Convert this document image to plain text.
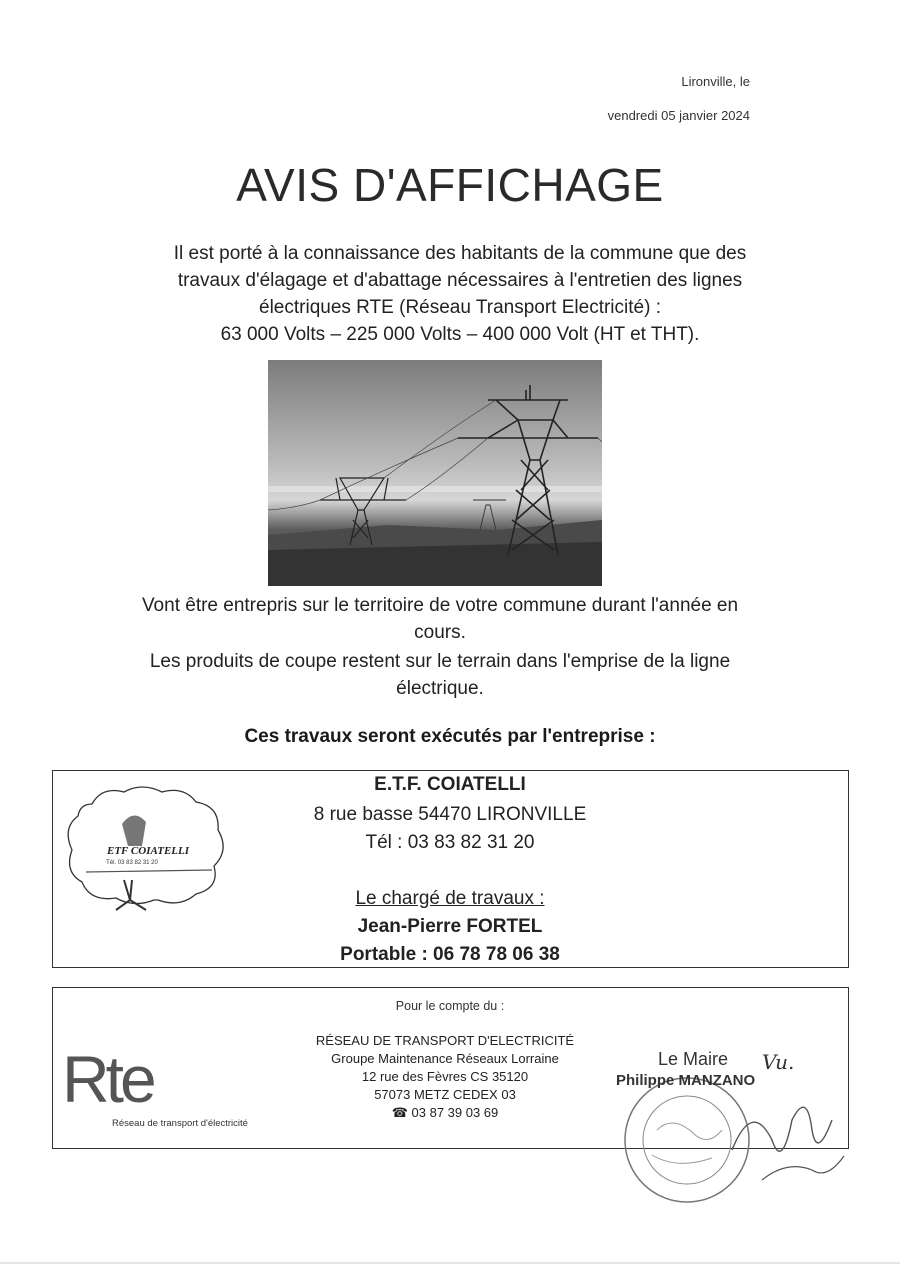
Lironville, le
vendredi 05 janvier 2024
AVIS D'AFFICHAGE
Il est porté à la connaissance des habitants de la commune que des
travaux d'élagage et d'abattage nécessaires à l'entretien des lignes
électriques RTE (Réseau Transport Electricité) :
63 000 Volts – 225 000 Volts – 400 000 Volt (HT et THT).
Vont être entrepris sur le territoire de votre commune durant l'année en
cours.
Les produits de coupe restent sur le terrain dans l'emprise de la ligne
électrique.
Ces travaux seront exécutés par l'entreprise :
ETF COIATELLI
Tél. 03 83 82 31 20
E.T.F. COIATELLI
8 rue basse 54470 LIRONVILLE
Tél : 03 83 82 31 20
Le chargé de travaux :
Jean-Pierre FORTEL
Portable : 06 78 78 06 38
Pour le compte du :
Rte
Réseau de transport d'électricité
RÉSEAU DE TRANSPORT D'ELECTRICITÉ
Groupe Maintenance Réseaux Lorraine
12 rue des Fèvres CS 35120
57073 METZ CEDEX 03
☎ 03 87 39 03 69
Le Maire Vu.
Philippe MANZANO
